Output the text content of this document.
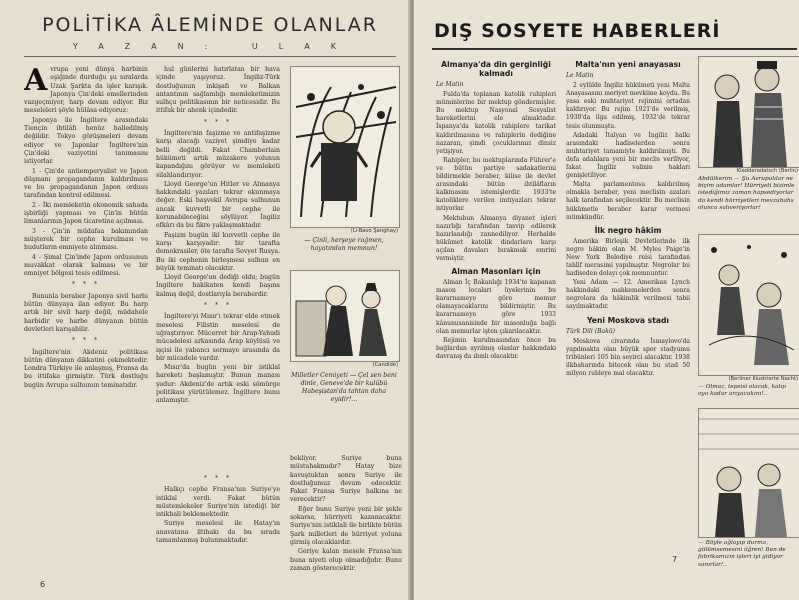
POLİTİKA ÂLEMİNDE OLANLAR
YAZAN: ULAK
A vrupa yeni dünya harbinin eşiğinde durduğu şu sıralarda Uzak Şarkta da işler karışık. Japonya Çin'deki emellerinden vazgeçmiyor, harp devam ediyor. Biz meseleleri şöyle hülâsa ediyoruz:

Japonya ile İngiltere arasındaki Tiençin ihtilâfı henüz halledilmiş değildir. Tokyo görüşmeleri devam ediyor ve Japonlar İngiltere'nin Çin'deki vaziyetini tanımasını istiyorlar.

1 - Çin'de antiemperyalist ve Japon düşmanı propagandanın kaldırılması ve bu propagandanın Japon ordusu tarafından kontrol edilmesi.

2 - İki memleketin ekonomik sahada işbirliği yapması ve Çin'in bütün limanlarının Japon ticaretine açılması.

3 - Çin'in müdafaa bakımından müşterek bir cephe kurulması ve hudutların emniyete alınması.

4 - Şimal Çin'inde Japon ordusunun muvakkat olarak kalması ve bir emniyet bölgesi tesis edilmesi.

* * *

Bununla beraber Japonya sivil harbi bütün dünyaya ilan ediyor. Bu harp artık bir sivil harp değil, müdahele harbidir ve harbe dünyanın bütün devletleri karışabilir.

* * *

İngiltere'nin Akdeniz politikası bütün dünyanın dikkatini çekmektedir. Londra Türkiye ile anlaşmış, Fransa da bu ittifaka girmiştir. Türk dostluğu bugün Avrupa sulhunun teminatıdır.

hul günlerini hatırlatan bir hava içinde yaşıyoruz. İngiliz-Türk dostluğunun inkişafı ve Balkan antantının sağlamlığı memleketimizin sulhçu politikasının bir neticesidir. Bu ittifak bir ahenk içindedir.

* * *

İngiltere'nin faşizme ve antifaşizme karşı alacağı vaziyet şimdiye kadar belli değildi. Fakat Chamberlain hükümeti artık müzakere yolunun kapandığını görüyor ve memleketi silahlandırıyor.

Lloyd George'un Hitler ve Almanya hakkındaki yazıları tekrar okunmaya değer. Eski başvekil Avrupa sulhunun ancak kuvvetli bir cephe ile korunabileceğini söylüyor. İngiliz efkârı da bu fikre yaklaşmaktadır.

Faşizm bugün iki kuvvetli cephe ile karşı karşıyadır: bir tarafta demokrasiler, öte tarafta Sovyet Rusya. Bu iki cephenin birleşmesi sulhun en büyük teminatı olacaktır.

Lloyd George'un dediği oldu; bugün İngiltere hakikaten kendi başına kalmış değil, dostlarıyla beraberdir.

* * *

İngiltere'yi Mısır'ı tekrar elde etmek meselesi Filistin meselesi de uğraştırıyor. Mücerret bir Arap-Yahudi mücadelesi arkasında Arap köylüsü ve işçisi ile yabancı sermaye arasında da bir mücadele vardır.

Mısır'da bugün yeni bir istiklal hareketi başlamıştır. Bunun manası şudur: Akdeniz'de artık eski sömürge politikası yürütülemez. İngiltere bunu anlamıştır.

* * *

Halkçı cephe Fransa'nın Suriye'ye istiklal verdi. Fakat bütün müstemlekeler Suriye'nin istediği bir istikbali beklemektedir.

Suriye meselesi ile Hatay'ın anavatana iltihakı da bu sırada tamamlanmış bulunmaktadır.

bekliyor. Suriye buna müstahakmıdır? Hatay bize kavuştuktan sonra Suriye ile dostluğumuz devam edecektir. Fakat Fransa Suriye halkına ne verecektir?

Eğer bunu Suriye yeni bir şekle sokarsa, hürriyeti kazanacaktır. Suriye'nin istiklali ile birlikte bütün Şark milletleri de hürriyet yoluna girmiş olacaklardır.

Geriye kalan mesele Fransa'nın buna niyeti olup olmadığıdır. Bunu zaman gösterecektir.

(Li-Bavo Şanghay)
— Çinli, herşeye rağmen, hayatından memnun!
(Candide)
Milletler Cemiyeti — Çel sen beni dinle, Geneve'de bir kulübü Habeşistan'da tahtan daha eyidir!...
6
DIŞ SOSYETE HABERLERİ

Almanya'da din gerginliği kalmadı

Le Matin

Fulda'da toplanan katolik ruhipleri müminlerine bir mektup göndermişler. Bu mektup Nasyonal Sosyalist hareketlerini ele almaktadır. İspanya'da katolik rahiplere tarikat kaldırılmasına ve rahiplerin dediğine nazaran, şimdi çocuklarımız dinsiz yetişiyor.

Rahipler, bu mektuplarında Führer'e ve bütün partiye sadakatlerini bildirmekle beraber, kilise ile devlet arasındaki bütün ihtilâfların kalkmasını istemişlerdir. 1933'te katoliklere verilen imtiyazları tekrar istiyorlar.

Mektubun Almanya diyanet işleri nazırlığı tarafından tasvip edilerek hazırlandığı zannediliyor. Herhalde hükümet katolik dindarlara karşı açılan davaları bırakmak emrini vermiştir.

Alman Masonları için

Alman İç Bakanlığı 1934'te kapanan mason locaları üyelerinin bu kararnameye göre memur olamayacaklarını bildirmiştir. Bu kararnameye göre 1933 kânunusanisinde bir masonluğa bağlı olan memurlar işten çıkarılacaktır.

Rejimin kurulmasından önce bu bağlardan ayrılmış olanlar hakkındaki davranış da ılımlı olacaktır.

Malta'nın yeni anayasası

Le Matin

2 eylülde İngiliz hükümeti yeni Malta Anayasasını meriyet mevkiine koydu. Bu yasa eski muhtariyet rejimini ortadan kaldırıyor. Bu rejim 1921'de verilmiş, 1930'da ilga edilmiş, 1932'de tekrar tesis olunmuştu.

Adadaki İtalyan ve İngiliz halkı arasındaki hadiselerden sonra muhtariyet tamamiyle kaldırılmıştı. Bu defa adalılara yeni bir meclis veriliyor, fakat İngiliz valinin hakları genişletiliyor.

Malta parlamentosu kaldırılmış olmakla beraber, yeni meclisin azaları halk tarafından seçilecektir. Bu meclisin hükümetle beraber karar vermesi mümkündür.

İlk negro hâkim

Amerika Birleşik Devletlerinde ilk negro hâkim olan M. Myles Paige'in New York Belediye reisi tarafından tahlif merasimi yapılmıştır. Negrolar bu hadiseden dolayı çok memnuntur.

Yeni Adam — 12. Amerikan Lynch hakkındaki mahkemelerden sonra negrolara da hâkimlik verilmesi tabii sayılmaktadır.

Yeni Moskova stadı

Türk Dili (Bakü)

Moskova civarında İsmaylovo'da yapılmakta olan büyük spor stadyumu tribünleri 105 bin seyirci alacaktır. 1938 ilkbaharında bitecek olan bu stad 50 milyon rubleye mal olacaktır.

Kladderadatsch (Berlin)
Abdülkerim — Şu Avrupalılar ne biçim adamlar! Hürriyeti bizimle istediğimiz zaman hapsediyorlar da kendi hürriyetleri mevzubahs olunca salıveriyorlar!
(Berliner Illustrierte Nacht)
— Olmaz, tepsisi olacak, kalıp oya kadar arıyacakını!..
— Böyle ağlayıp durma, gülümsemesini öğren! Ben de fabrikamızın işleri iyi gidiyor sanırlar!..
7
